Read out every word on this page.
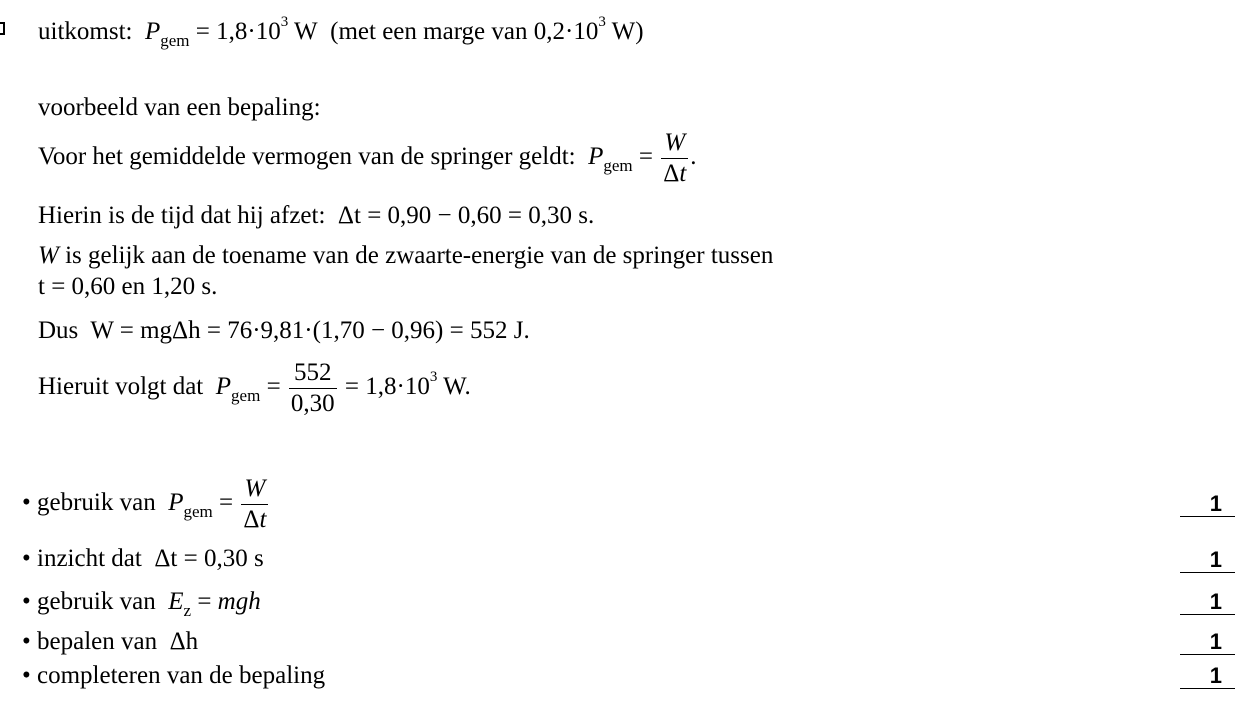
uitkomst:  $P_{gem} = 1,8\cdot 10^3$ W (met een marge van $0,2\cdot 10^3$ W)
voorbeeld van een bepaling:
Voor het gemiddelde vermogen van de springer geldt:  $P_{gem} = \frac{W}{\Delta t}$ .
Hierin is de tijd dat hij afzet: Δt = 0,90 − 0,60 = 0,30 s.
W is gelijk aan de toename van de zwaarte-energie van de springer tussen
t = 0,60 en 1,20 s.
Dus W = mgΔh = 76·9,81·(1,70 − 0,96) = 552 J.
Hieruit volgt dat  $P_{gem} = \frac{552}{0,30} = 1,8\cdot 10^3$ W.
• gebruik van  $P_{gem} = \frac{W}{\Delta t}$	1
• inzicht dat Δt = 0,30 s	1
• gebruik van $E_z$ = mgh	1
• bepalen van Δh	1
• completeren van de bepaling	1
